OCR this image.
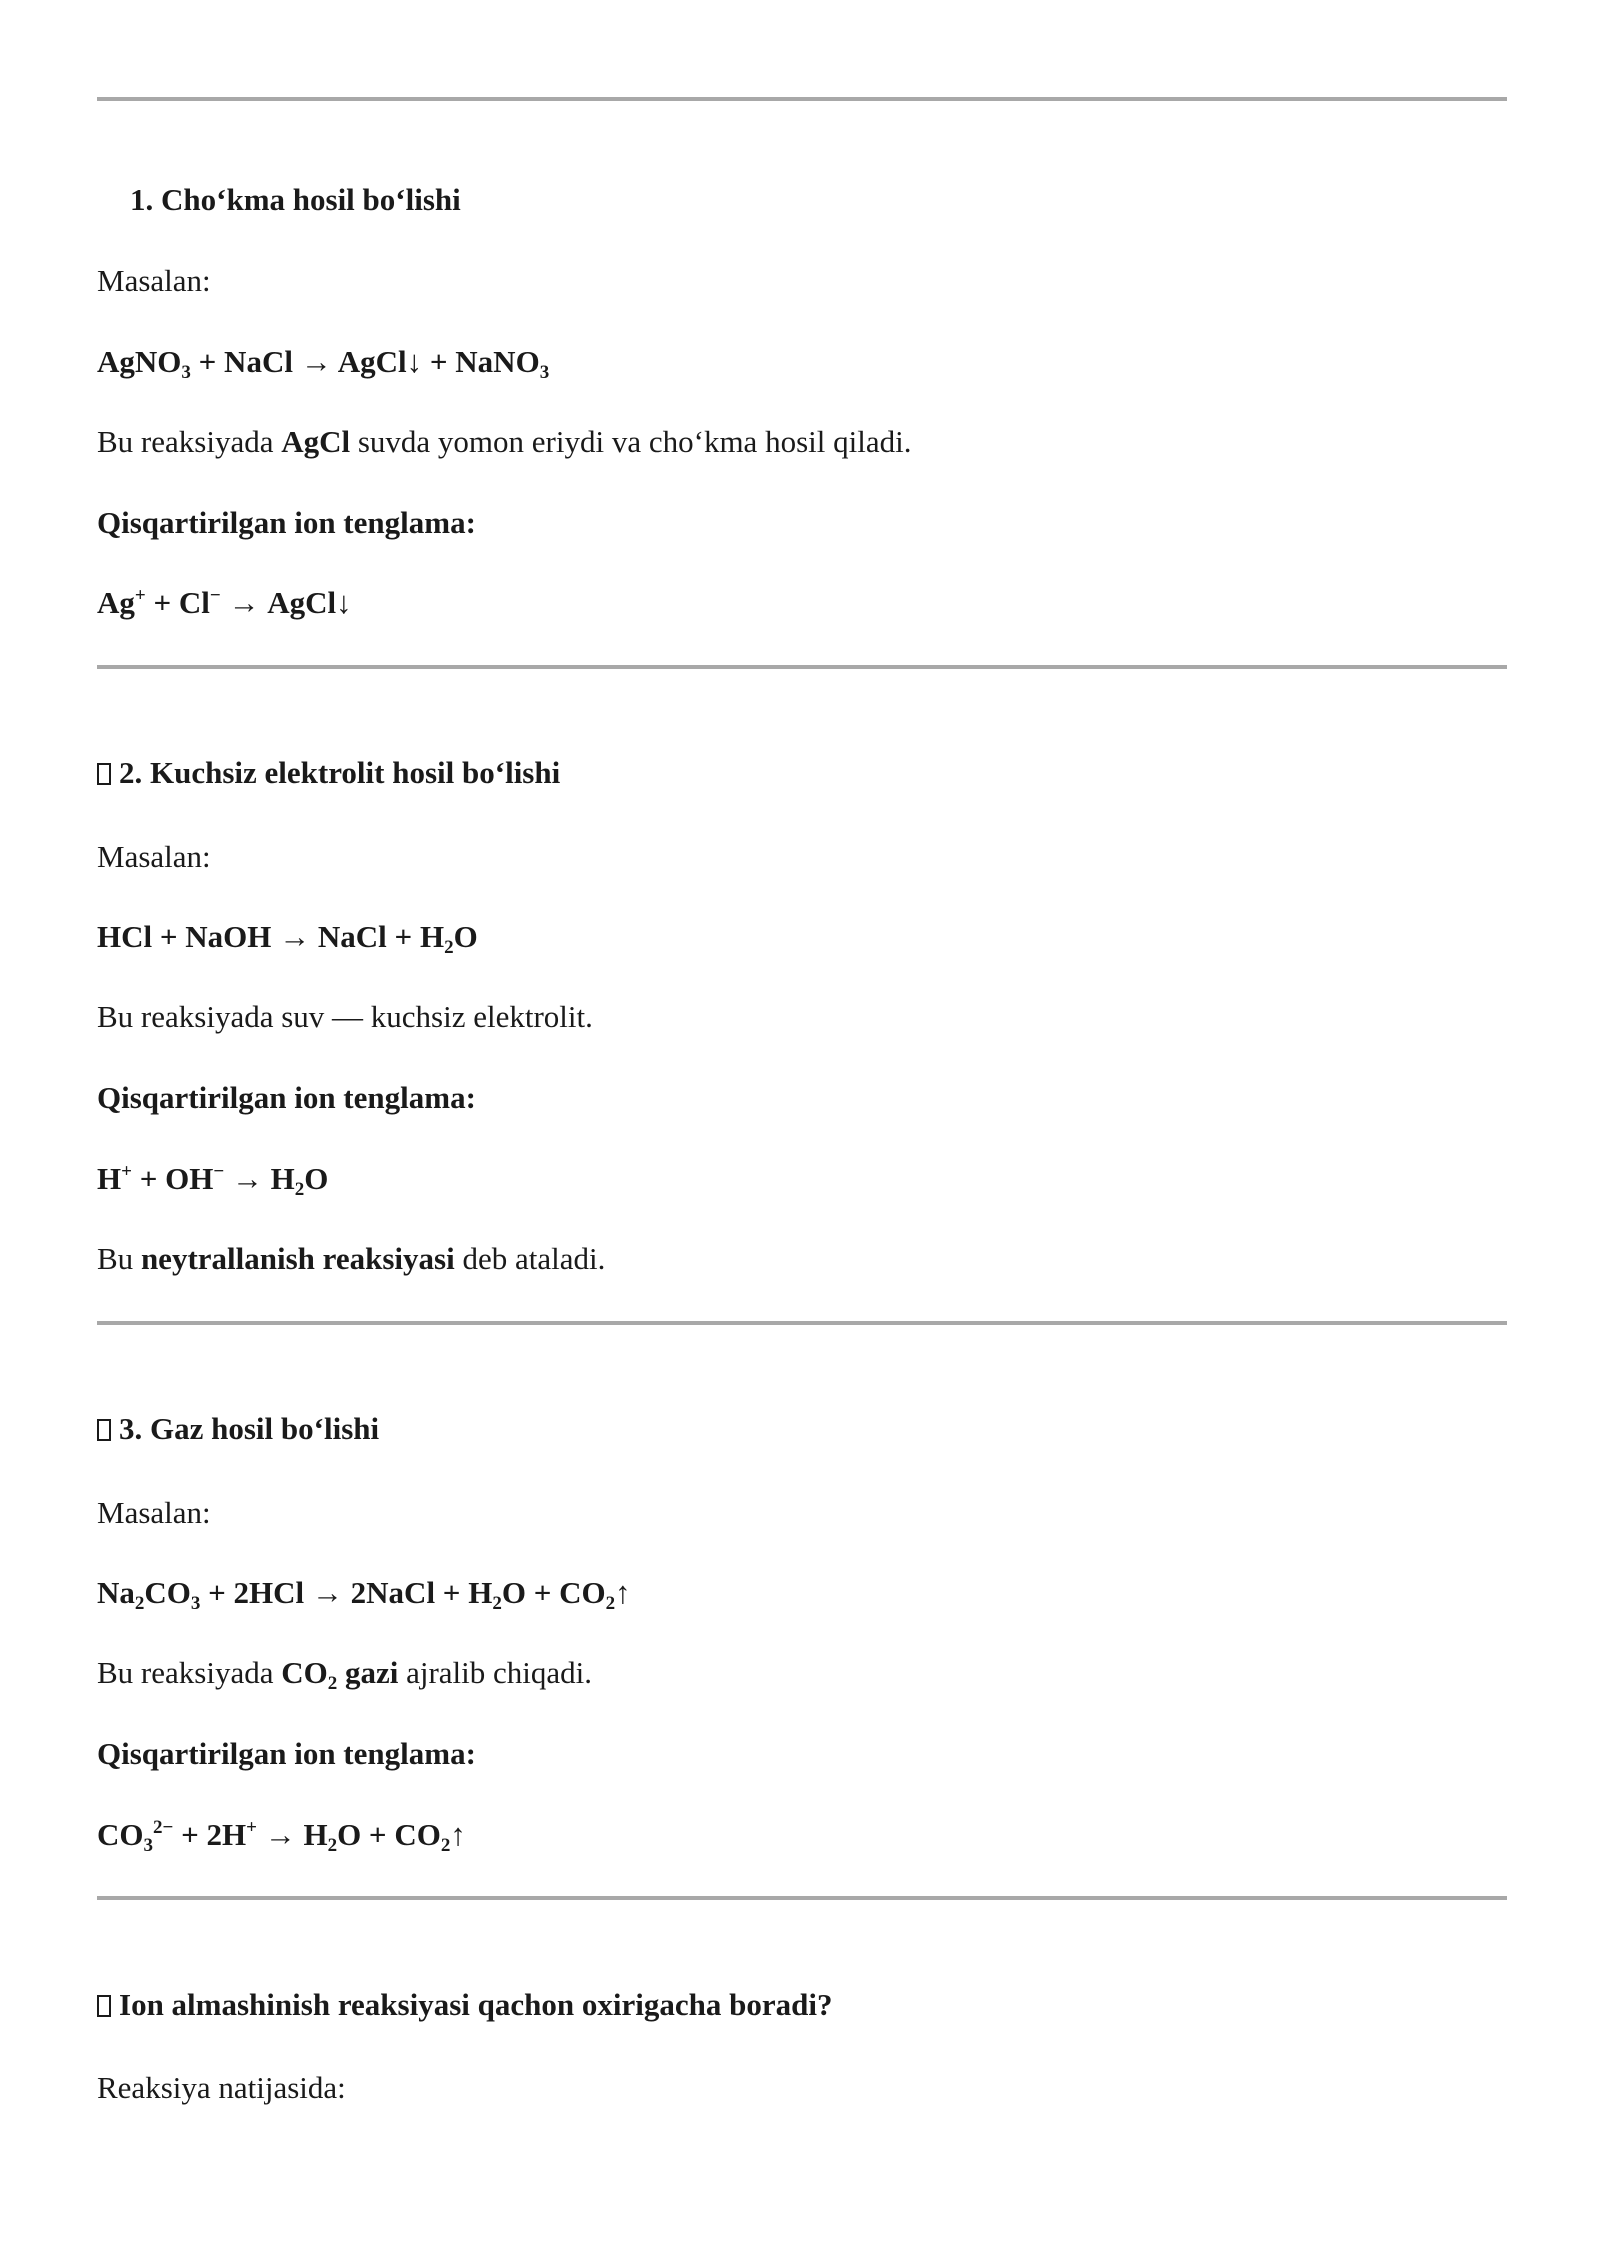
1. Cho‘kma hosil bo‘lishi
Masalan:
AgNO$_3$ + NaCl → AgCl↓ + NaNO$_3$
Bu reaksiyada AgCl suvda yomon eriydi va cho‘kma hosil qiladi.
Qisqartirilgan ion tenglama:
Ag+ + Cl− → AgCl↓
2. Kuchsiz elektrolit hosil bo‘lishi
Masalan:
HCl + NaOH → NaCl + $H_2O$
Bu reaksiyada suv — kuchsiz elektrolit.
Qisqartirilgan ion tenglama:
$H^+ + OH^- \to H_2O$
Bu neytrallanish reaksiyasi deb ataladi.
3. Gaz hosil bo‘lishi
Masalan:
$Na_2CO_3 + 2HCl$ → 2NaCl + $H_2O$ + $CO_2↑$
Bu reaksiyada $CO_2$ gazi ajralib chiqadi.
Qisqartirilgan ion tenglama:
$CO_3^{2-} + 2H^+ \to H_2O$ + $CO_2↑$
Ion almashinish reaksiyasi qachon oxirigacha boradi?
Reaksiya natijasida:
